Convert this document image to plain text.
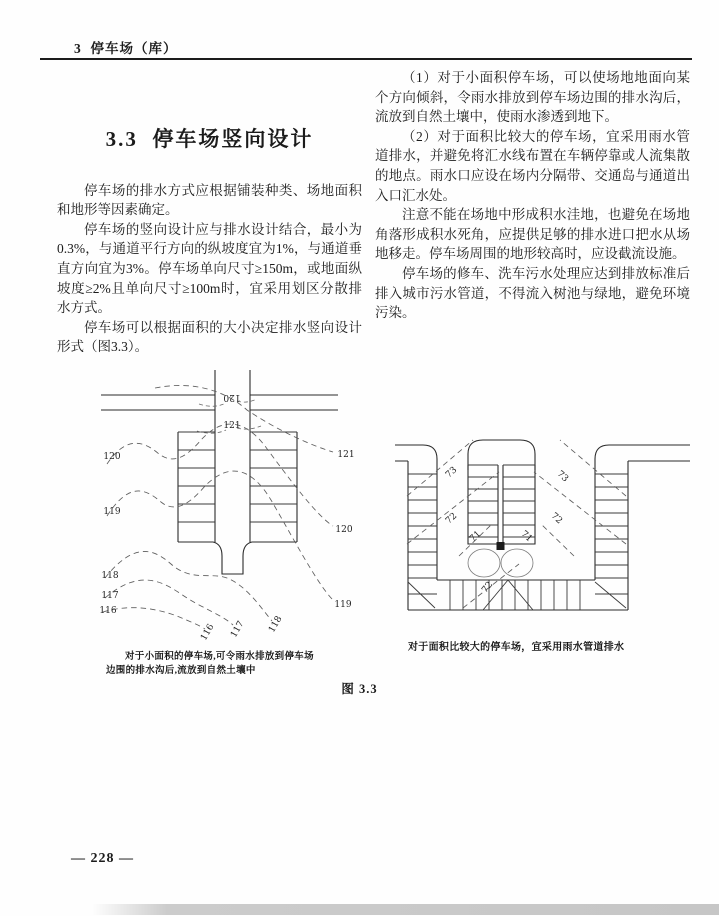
3  停车场（库）

3.3  停车场竖向设计

停车场的排水方式应根据铺装种类、场地面积和地形等因素确定。

停车场的竖向设计应与排水设计结合，最小为0.3%，与通道平行方向的纵坡度宜为1%，与通道垂直方向宜为3%。停车场单向尺寸≥150m，或地面纵坡度≥2%且单向尺寸≥100m时，宜采用划区分散排水方式。

停车场可以根据面积的大小决定排水竖向设计形式（图3.3）。

（1）对于小面积停车场，可以使场地地面向某个方向倾斜，令雨水排放到停车场边围的排水沟后，流放到自然土壤中，使雨水渗透到地下。

（2）对于面积比较大的停车场，宜采用雨水管道排水，并避免将汇水线布置在车辆停靠或人流集散的地点。雨水口应设在场内分隔带、交通岛与通道出入口汇水处。

注意不能在场地中形成积水洼地，也避免在场地角落形成积水死角，应提供足够的排水进口把水从场地移走。停车场周围的地形较高时，应设截流设施。

停车场的修车、洗车污水处理应达到排放标准后排入城市污水管道，不得流入树池与绿地，避免环境污染。

120
121
120
119
118
117
116
121
120
119
116 117 118
73
72
71
73
72
71
72
对于小面积的停车场,可令雨水排放到停车场
边围的排水沟后,流放到自然土壤中
对于面积比较大的停车场，宜采用雨水管道排水
图 3.3
— 228 —
